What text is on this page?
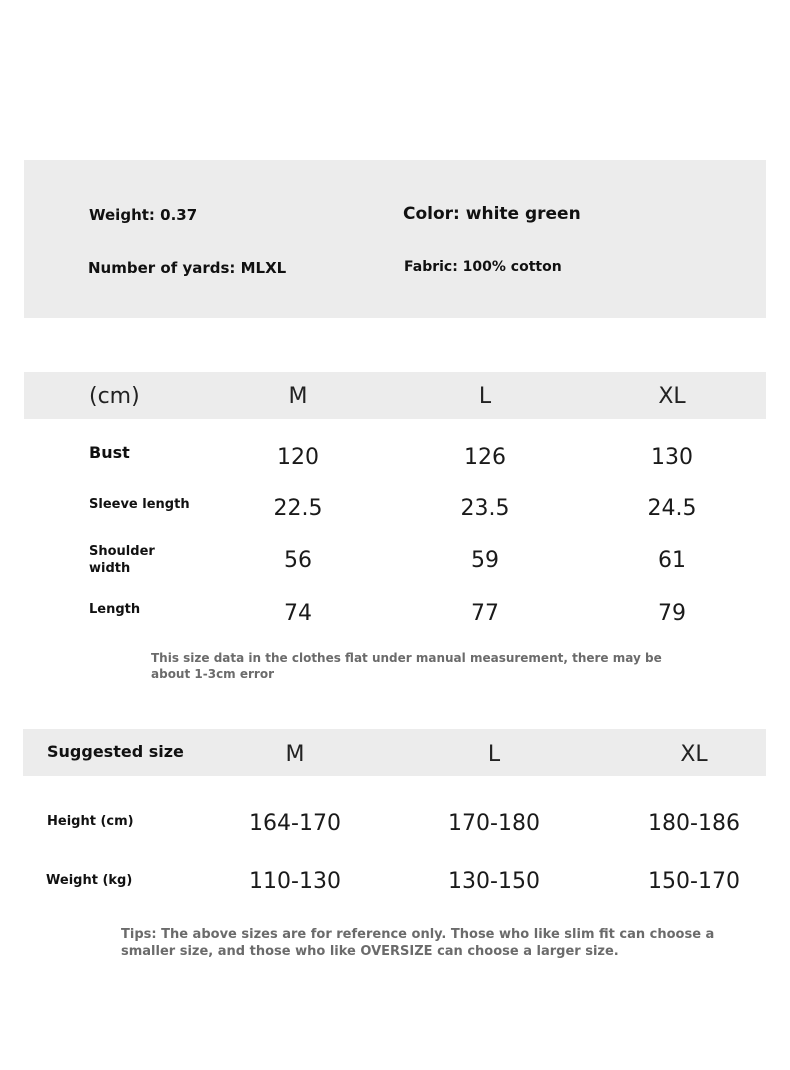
Weight: 0.37	Color: white green
Number of yards: MLXL	Fabric: 100% cotton
(cm)	M	L	XL
Bust	120	126	130
Sleeve length	22.5	23.5	24.5
Shoulder
width	56	59	61
Length	74	77	79
This size data in the clothes flat under manual measurement, there may be
about 1-3cm error
Suggested size	M	L	XL
Height (cm)	164-170	170-180	180-186
Weight (kg)	110-130	130-150	150-170
Tips: The above sizes are for reference only. Those who like slim fit can choose a
smaller size, and those who like OVERSIZE can choose a larger size.
